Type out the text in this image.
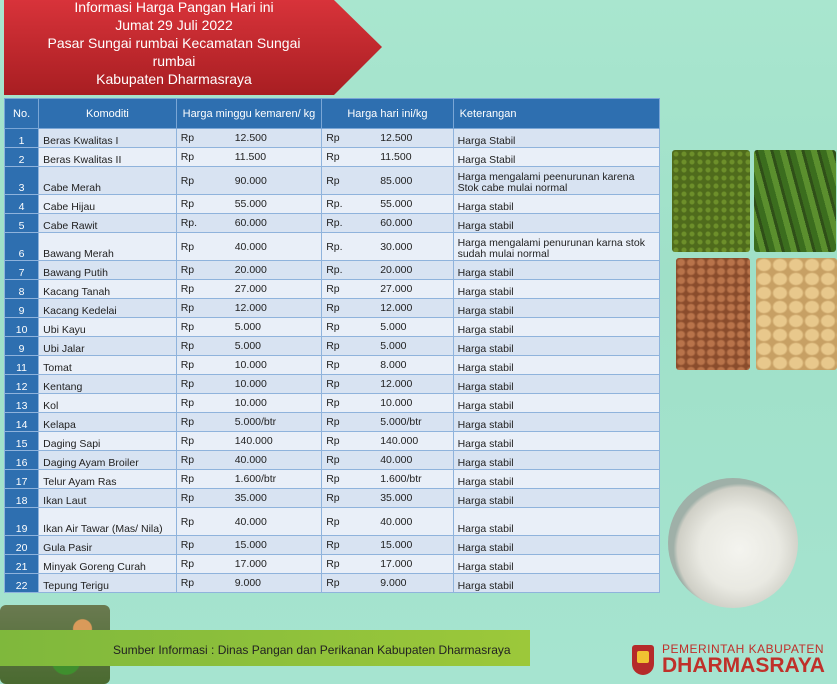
Informasi Harga Pangan Hari ini
Jumat 29 Juli 2022
Pasar Sungai rumbai Kecamatan Sungai
rumbai
Kabupaten Dharmasraya
No.	Komoditi	Harga minggu kemaren/ kg	Harga hari ini/kg	Keterangan
1	Beras Kwalitas I	Rp 12.500	Rp 12.500	Harga Stabil
2	Beras Kwalitas II	Rp 11.500	Rp 11.500	Harga Stabil
3	Cabe Merah	Rp 90.000	Rp 85.000	Harga mengalami peenurunan karena Stok cabe mulai normal
4	Cabe Hijau	Rp 55.000	Rp. 55.000	Harga stabil
5	Cabe Rawit	Rp. 60.000	Rp. 60.000	Harga stabil
6	Bawang Merah	Rp 40.000	Rp. 30.000	Harga mengalami penurunan karna stok sudah mulai normal
7	Bawang Putih	Rp 20.000	Rp. 20.000	Harga stabil
8	Kacang Tanah	Rp 27.000	Rp 27.000	Harga stabil
9	Kacang Kedelai	Rp 12.000	Rp 12.000	Harga stabil
10	Ubi Kayu	Rp 5.000	Rp 5.000	Harga stabil
9	Ubi Jalar	Rp 5.000	Rp 5.000	Harga stabil
11	Tomat	Rp 10.000	Rp 8.000	Harga stabil
12	Kentang	Rp 10.000	Rp 12.000	Harga stabil
13	Kol	Rp 10.000	Rp 10.000	Harga stabil
14	Kelapa	Rp 5.000/btr	Rp 5.000/btr	Harga stabil
15	Daging Sapi	Rp 140.000	Rp 140.000	Harga stabil
16	Daging Ayam Broiler	Rp 40.000	Rp 40.000	Harga stabil
17	Telur Ayam Ras	Rp 1.600/btr	Rp 1.600/btr	Harga stabil
18	Ikan Laut	Rp 35.000	Rp 35.000	Harga stabil
19	Ikan Air Tawar (Mas/ Nila)	Rp 40.000	Rp 40.000	Harga stabil
20	Gula Pasir	Rp 15.000	Rp 15.000	Harga stabil
21	Minyak Goreng Curah	Rp 17.000	Rp 17.000	Harga stabil
22	Tepung Terigu	Rp 9.000	Rp 9.000	Harga stabil
Sumber Informasi : Dinas Pangan dan Perikanan Kabupaten Dharmasraya	PEMERINTAH KABUPATEN
DHARMASRAYA
